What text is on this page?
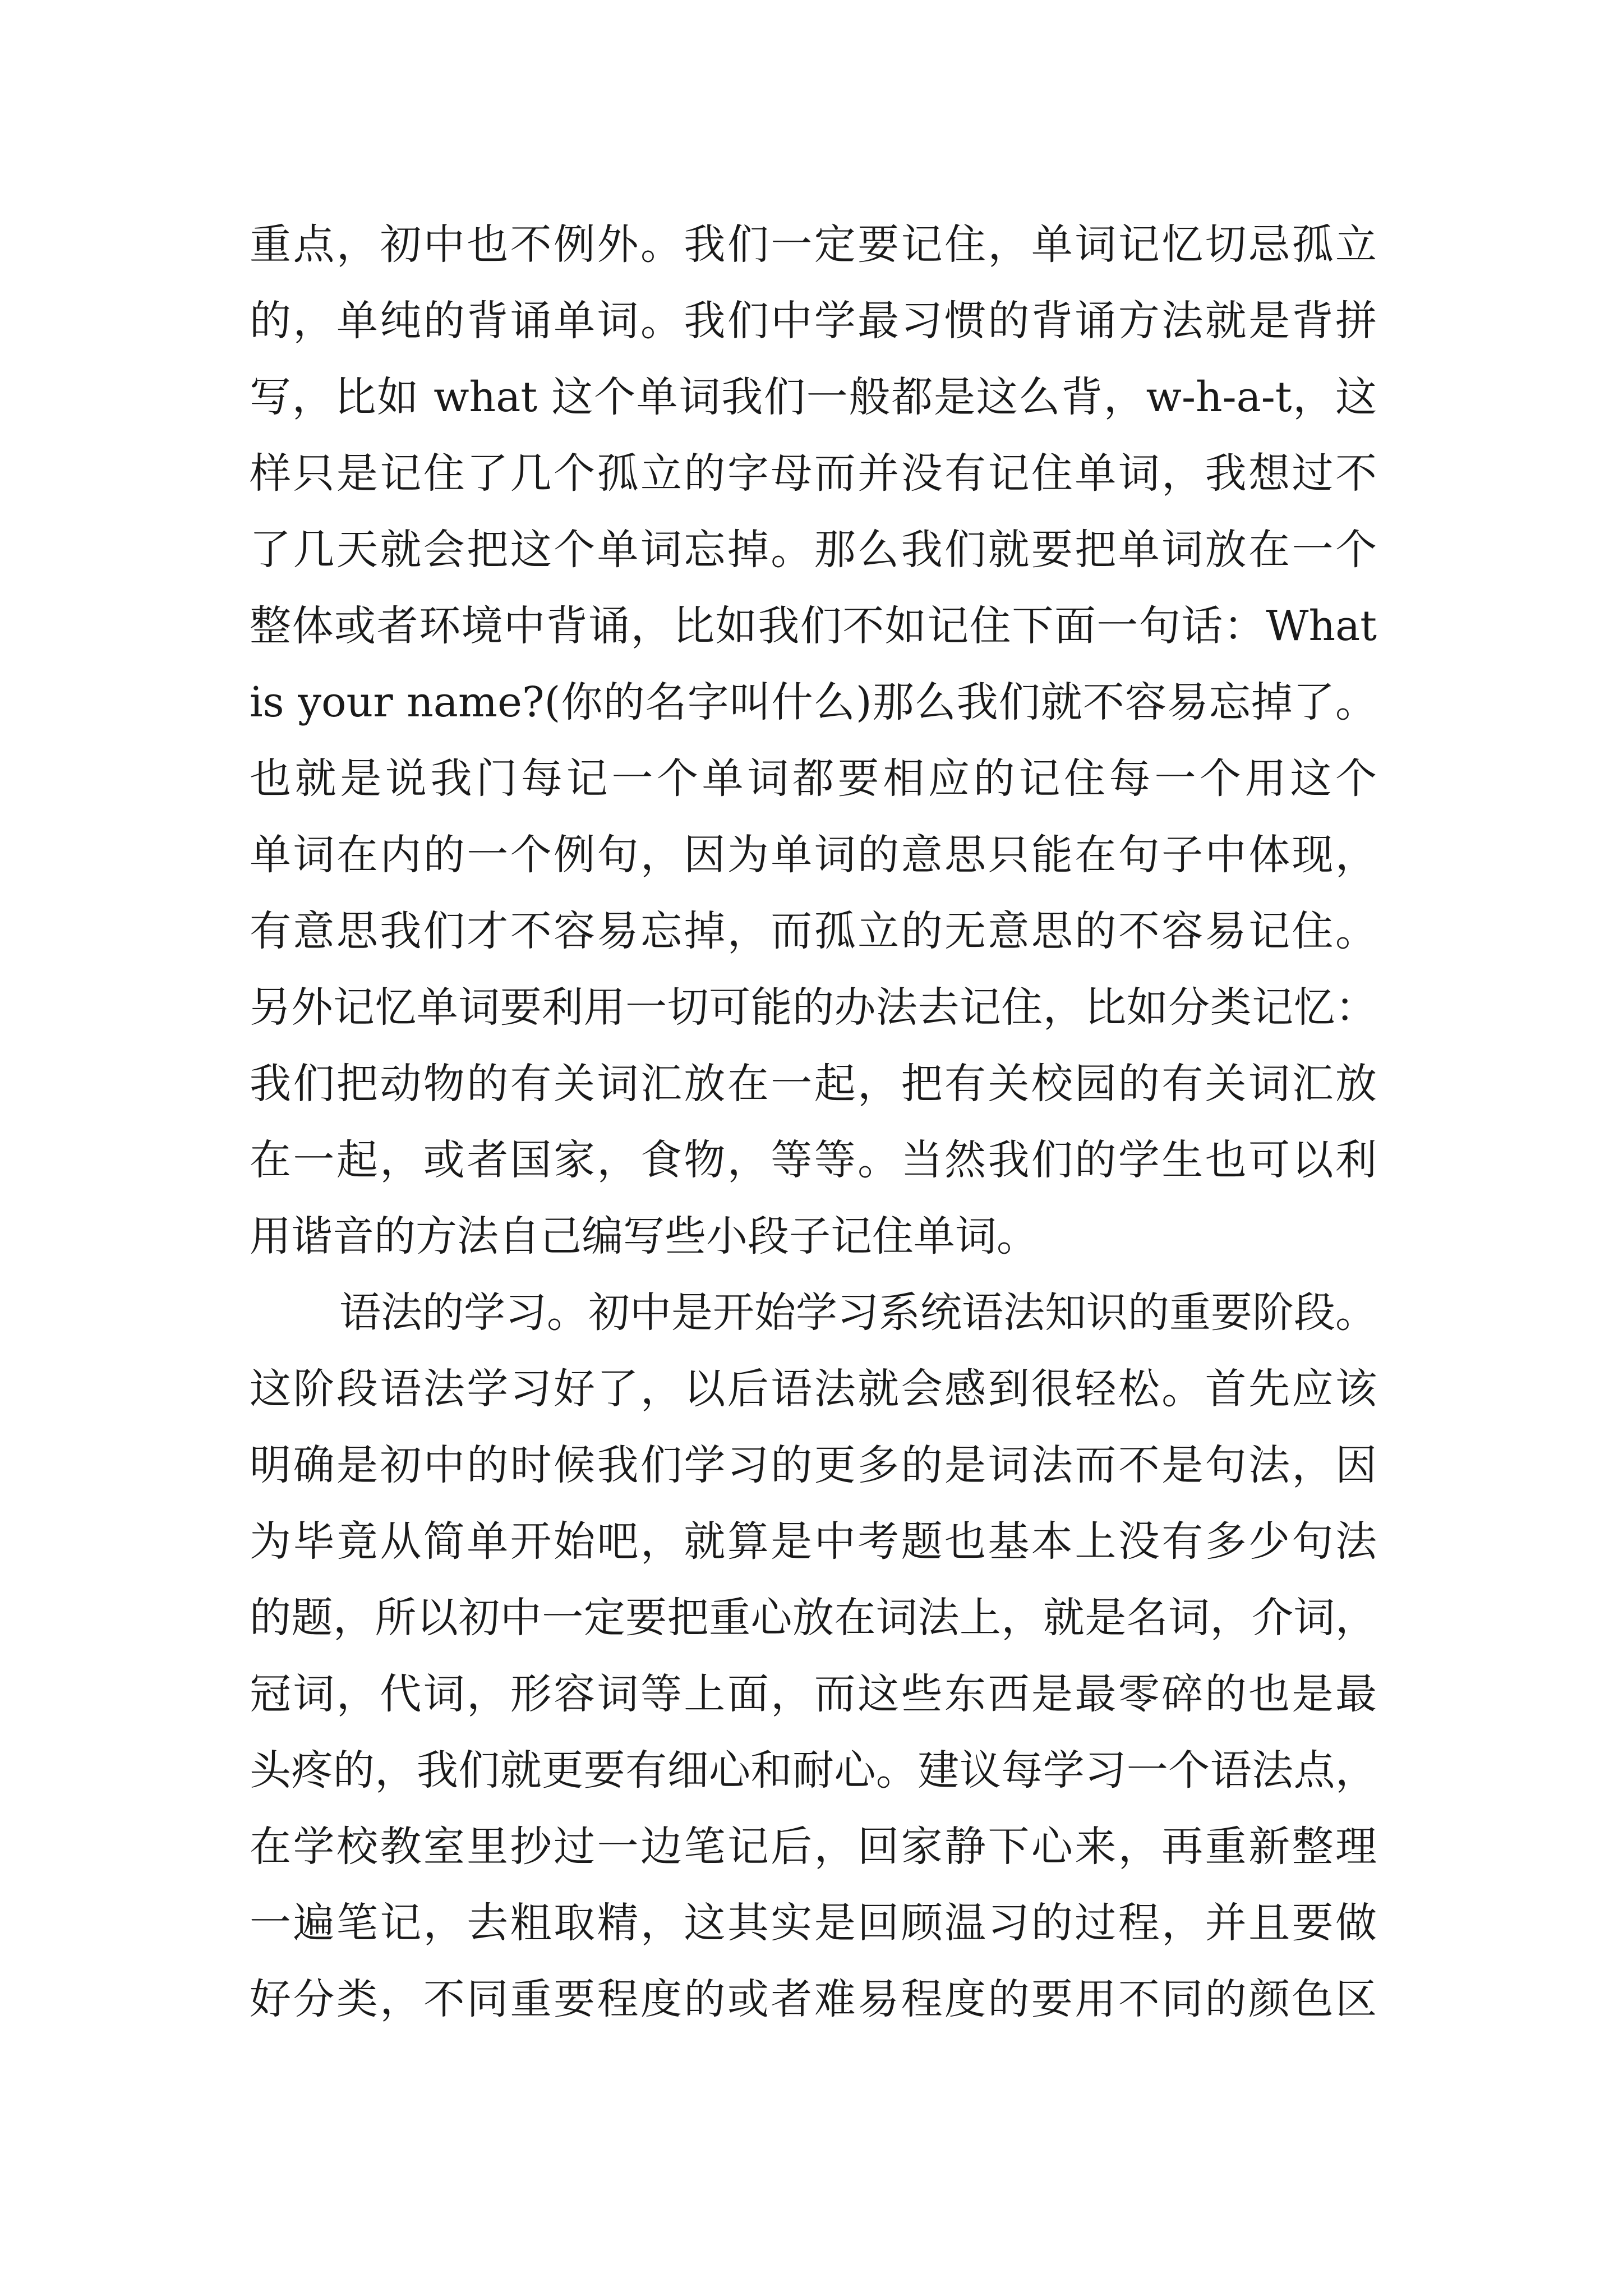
重点，初中也不例外。我们一定要记住，单词记忆切忌孤立
的，单纯的背诵单词。我们中学最习惯的背诵方法就是背拼
写，比如 what 这个单词我们一般都是这么背，w-h-a-t，这
样只是记住了几个孤立的字母而并没有记住单词，我想过不
了几天就会把这个单词忘掉。那么我们就要把单词放在一个
整体或者环境中背诵，比如我们不如记住下面一句话：What
is your name?(你的名字叫什么)那么我们就不容易忘掉了。
也就是说我门每记一个单词都要相应的记住每一个用这个
单词在内的一个例句，因为单词的意思只能在句子中体现，
有意思我们才不容易忘掉，而孤立的无意思的不容易记住。
另外记忆单词要利用一切可能的办法去记住，比如分类记忆：
我们把动物的有关词汇放在一起，把有关校园的有关词汇放
在一起，或者国家，食物，等等。当然我们的学生也可以利
用谐音的方法自己编写些小段子记住单词。
语法的学习。初中是开始学习系统语法知识的重要阶段。
这阶段语法学习好了，以后语法就会感到很轻松。首先应该
明确是初中的时候我们学习的更多的是词法而不是句法，因
为毕竟从简单开始吧，就算是中考题也基本上没有多少句法
的题，所以初中一定要把重心放在词法上，就是名词，介词，
冠词，代词，形容词等上面，而这些东西是最零碎的也是最
头疼的，我们就更要有细心和耐心。建议每学习一个语法点，
在学校教室里抄过一边笔记后，回家静下心来，再重新整理
一遍笔记，去粗取精，这其实是回顾温习的过程，并且要做
好分类，不同重要程度的或者难易程度的要用不同的颜色区
